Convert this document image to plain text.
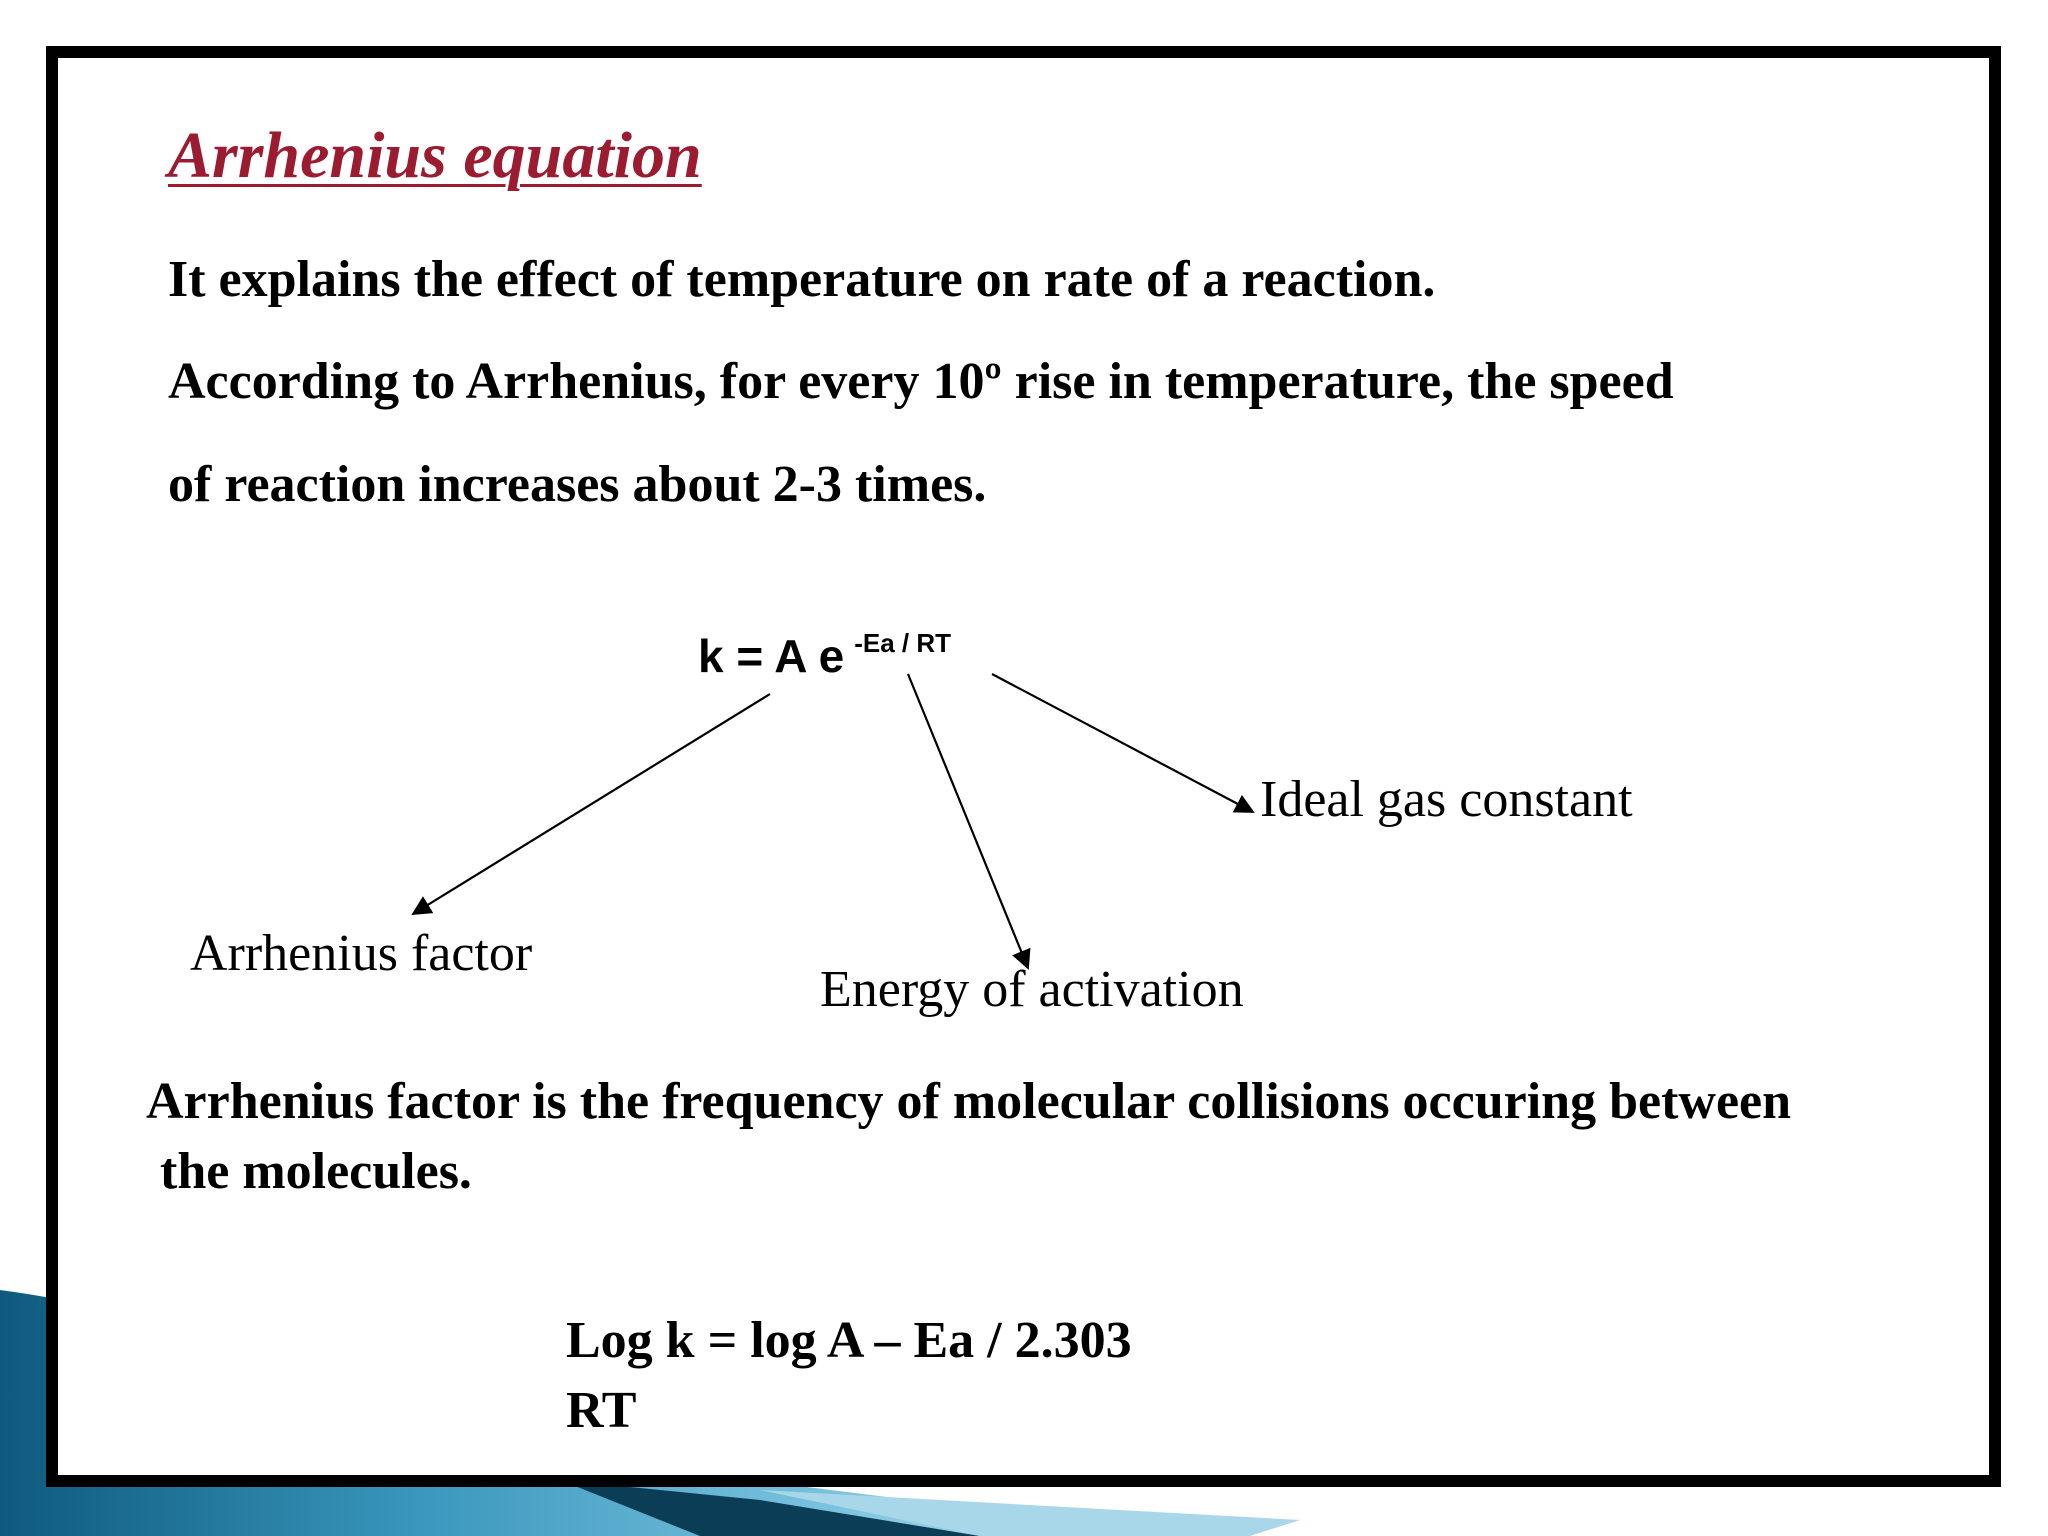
Arrhenius equation
It explains the effect of temperature on rate of a reaction.
According to Arrhenius, for every 10º rise in temperature, the speed
of reaction increases about 2-3 times.
k = A e $^{-Ea / RT}$
Ideal gas constant
Arrhenius factor
Energy of activation
Arrhenius factor is the frequency of molecular collisions occuring between
the molecules.
Log k = log A – Ea / 2.303
RT
